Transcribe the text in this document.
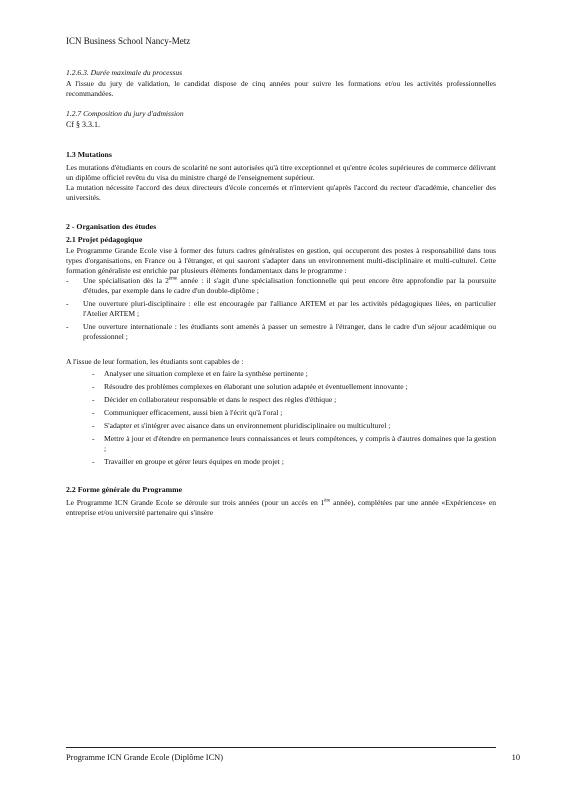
ICN Business School Nancy-Metz
1.2.6.3. Durée maximale du processus

A l'issue du jury de validation, le candidat dispose de cinq années pour suivre les formations et/ou les activités professionnelles recommandées.

1.2.7 Composition du jury d'admission

Cf § 3.3.1.

1.3 Mutations

Les mutations d'étudiants en cours de scolarité ne sont autorisées qu'à titre exceptionnel et qu'entre écoles supérieures de commerce délivrant un diplôme officiel revêtu du visa du ministre chargé de l'enseignement supérieur.

La mutation nécessite l'accord des deux directeurs d'école concernés et n'intervient qu'après l'accord du recteur d'académie, chancelier des universités.

2 - Organisation des études
2.1 Projet pédagogique

Le Programme Grande Ecole vise à former des futurs cadres généralistes en gestion, qui occuperont des postes à responsabilité dans tous types d'organisations, en France ou à l'étranger, et qui sauront s'adapter dans un environnement multi-disciplinaire et multi-culturel. Cette formation généraliste est enrichie par plusieurs éléments fondamentaux dans le programme :

- Une spécialisation dès la 2ème année : il s'agit d'une spécialisation fonctionnelle qui peut encore être approfondie par la poursuite d'études, par exemple dans le cadre d'un double-diplôme ;
- Une ouverture pluri-disciplinaire : elle est encouragée par l'alliance ARTEM et par les activités pédagogiques liées, en particulier l'Atelier ARTEM ;
- Une ouverture internationale : les étudiants sont amenés à passer un semestre à l'étranger, dans le cadre d'un séjour académique ou professionnel ;

A l'issue de leur formation, les étudiants sont capables de :

- Analyser une situation complexe et en faire la synthèse pertinente ;
- Résoudre des problèmes complexes en élaborant une solution adaptée et éventuellement innovante ;
- Décider en collaborateur responsable et dans le respect des règles d'éthique ;
- Communiquer efficacement, aussi bien à l'écrit qu'à l'oral ;
- S'adapter et s'intégrer avec aisance dans un environnement pluridisciplinaire ou multiculturel ;
- Mettre à jour et d'étendre en permanence leurs connaissances et leurs compétences, y compris à d'autres domaines que la gestion ;
- Travailler en groupe et gérer leurs équipes en mode projet ;
2.2 Forme générale du Programme

Le Programme ICN Grande Ecole se déroule sur trois années (pour un accès en 1ère année), complétées par une année «Expériences» en entreprise et/ou université partenaire qui s'insère

Programme ICN Grande Ecole (Diplôme ICN)	10
